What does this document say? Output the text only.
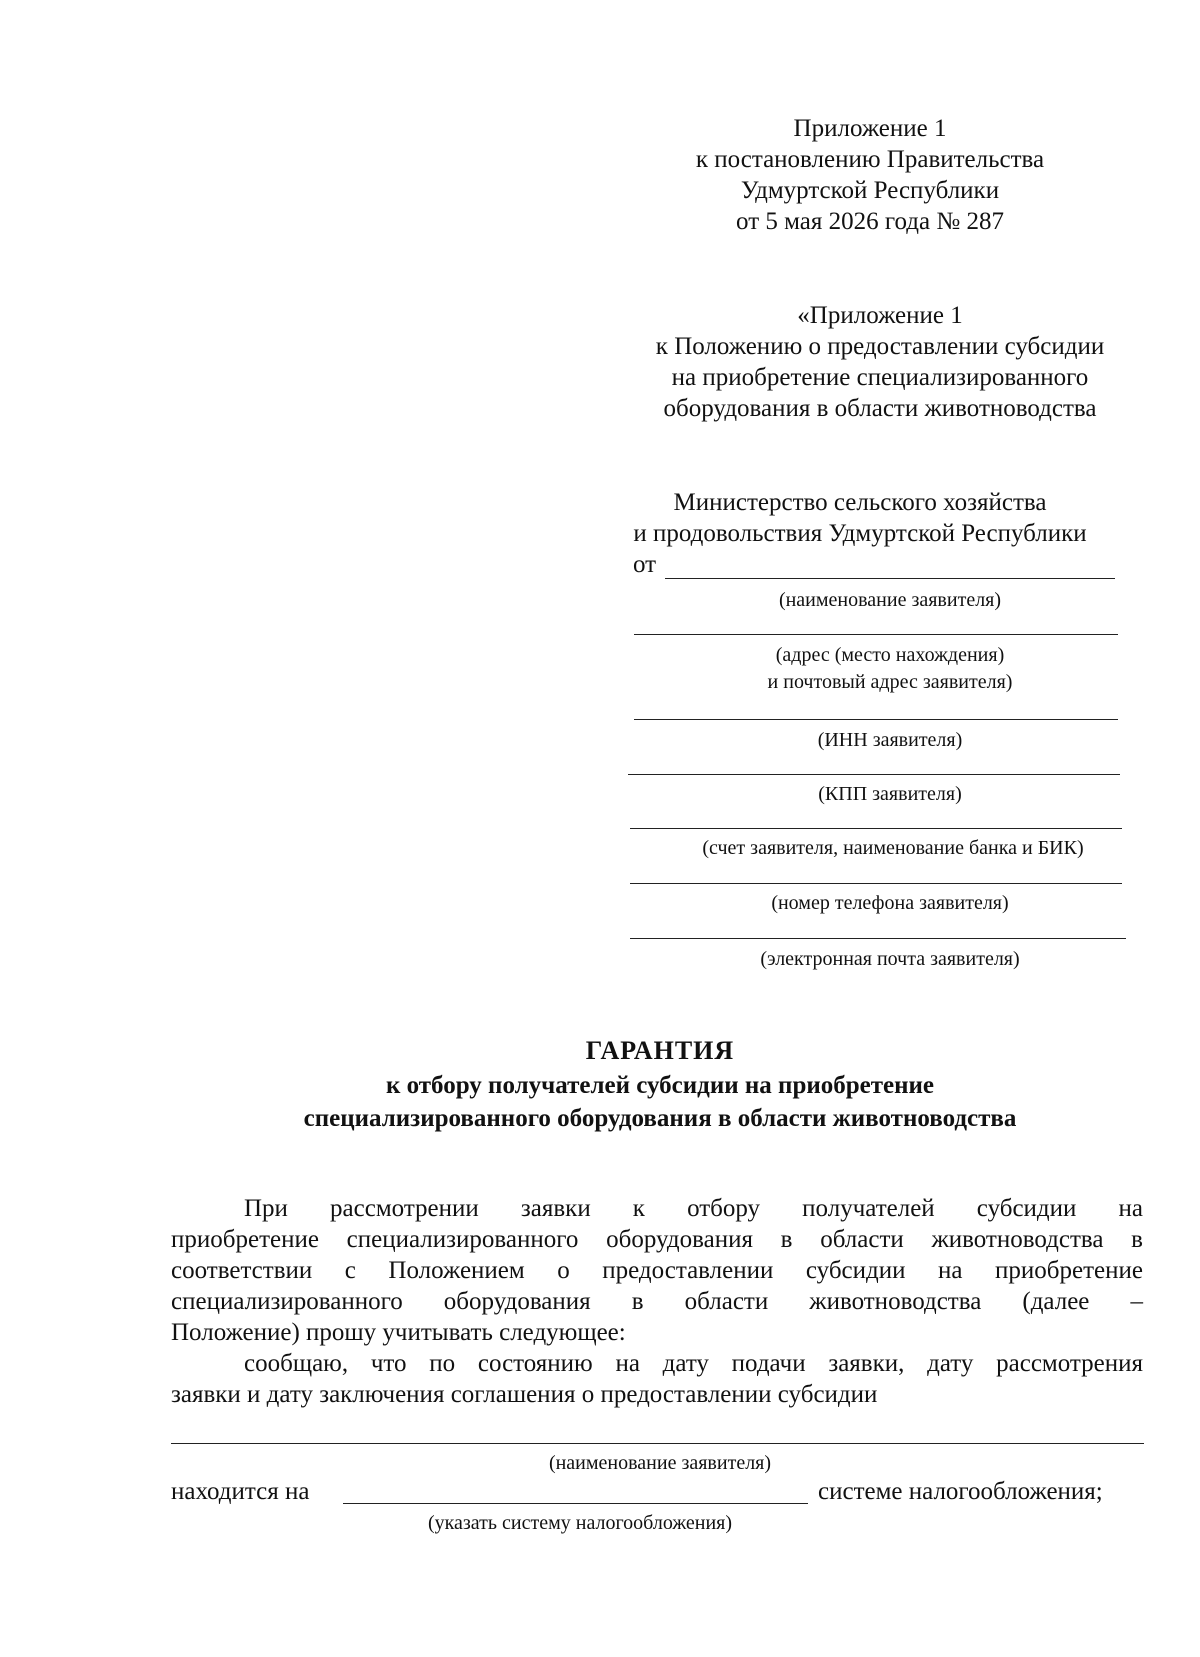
Приложение 1
к постановлению Правительства
Удмуртской Республики
от 5 мая 2026 года № 287
«Приложение 1
к Положению о предоставлении субсидии
на приобретение специализированного
оборудования в области животноводства
Министерство сельского хозяйства
и продовольствия Удмуртской Республики
от
(наименование заявителя)
(адрес (место нахождения)
и почтовый адрес заявителя)
(ИНН заявителя)
(КПП заявителя)
(счет заявителя, наименование банка и БИК)
(номер телефона заявителя)
(электронная почта заявителя)
ГАРАНТИЯ
к отбору получателей субсидии на приобретение
специализированного оборудования в области животноводства
При рассмотрении заявки к отбору получателей субсидии на
приобретение специализированного оборудования в области животноводства в
соответствии с Положением о предоставлении субсидии на приобретение
специализированного оборудования в области животноводства (далее –
Положение) прошу учитывать следующее:
сообщаю, что по состоянию на дату подачи заявки, дату рассмотрения
заявки и дату заключения соглашения о предоставлении субсидии
(наименование заявителя)
находится на	системе налогообложения;
(указать систему налогообложения)
